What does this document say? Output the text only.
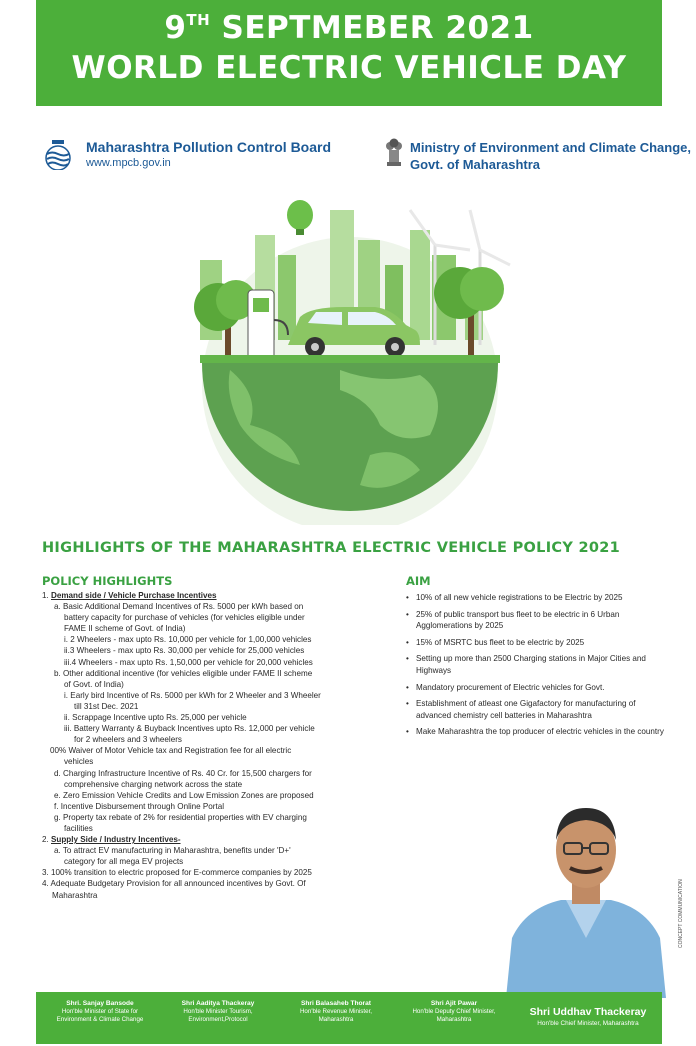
9TH SEPTMEBER 2021
WORLD ELECTRIC VEHICLE DAY
Maharashtra Pollution Control Board
www.mpcb.gov.in
Ministry of Environment and Climate Change,
Govt. of Maharashtra
HIGHLIGHTS OF THE MAHARASHTRA ELECTRIC VEHICLE POLICY 2021
POLICY HIGHLIGHTS
1. Demand side / Vehicle Purchase Incentives
a. Basic Additional Demand Incentives of Rs. 5000 per kWh based on
battery capacity for purchase of vehicles (for vehicles eligible under
FAME II scheme of Govt. of India)
i. 2 Wheelers - max upto Rs. 10,000 per vehicle for 1,00,000 vehicles
ii.3 Wheelers - max upto Rs. 30,000 per vehicle for 25,000 vehicles
iii.4 Wheelers - max upto Rs. 1,50,000 per vehicle for 20,000 vehicles
b. Other additional incentive (for vehicles eligible under FAME II scheme
of Govt. of India)
i. Early bird Incentive of Rs. 5000 per kWh for 2 Wheeler and 3 Wheeler
till 31st Dec. 2021
ii. Scrappage Incentive upto Rs. 25,000 per vehicle
iii. Battery Warranty & Buyback Incentives upto Rs. 12,000 per vehicle
for 2 wheelers and 3 wheelers
00% Waiver of Motor Vehicle tax and Registration fee for all electric
vehicles
d. Charging Infrastructure Incentive of Rs. 40 Cr. for 15,500 chargers for
comprehensive charging network across the state
e. Zero Emission Vehicle Credits and Low Emission Zones are proposed
f. Incentive Disbursement through Online Portal
g. Property tax rebate of 2% for residential properties with EV charging
facilities
2. Supply Side / Industry Incentives-
a. To attract EV manufacturing in Maharashtra, benefits under 'D+'
category for all mega EV projects
3. 100% transition to electric proposed for E-commerce companies by 2025
4. Adequate Budgetary Provision for all announced incentives by Govt. Of
Maharashtra
AIM
• 10% of all new vehicle registrations to be Electric by 2025
• 25% of public transport bus fleet to be electric in 6 Urban Agglomerations by 2025
• 15% of MSRTC bus fleet to be electric by 2025
• Setting up more than 2500 Charging stations in Major Cities and Highways
• Mandatory procurement of Electric vehicles for Govt.
• Establishment of atleast one Gigafactory for manufacturing of advanced chemistry cell batteries in Maharashtra
• Make Maharashtra the top producer of electric vehicles in the country
CONCEPT COMMUNICATION
Shri. Sanjay Bansode
Hon'ble Minister of State for
Environment & Climate Change
Shri Aaditya Thackeray
Hon'ble Minister Tourism,
Environment,Protocol
Shri Balasaheb Thorat
Hon'ble Revenue Minister,
Maharashtra
Shri Ajit Pawar
Hon'ble Deputy Chief Minister,
Maharashtra
Shri Uddhav Thackeray
Hon'ble Chief Minister, Maharashtra
